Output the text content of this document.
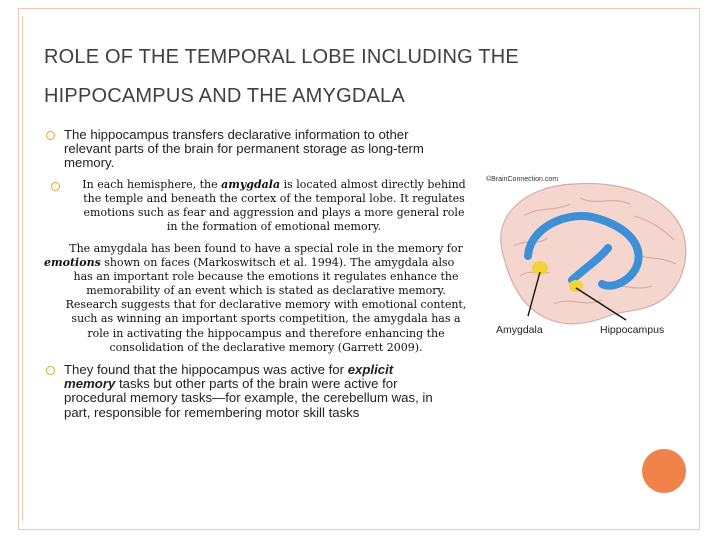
ROLE OF THE TEMPORAL LOBE INCLUDING THE
HIPPOCAMPUS AND THE AMYGDALA
The hippocampus transfers declarative information to other
relevant parts of the brain for permanent storage as long-term
memory.
In each hemisphere, the amygdala is located almost directly behind
the temple and beneath the cortex of the temporal lobe. It regulates
emotions such as fear and aggression and plays a more general role
in the formation of emotional memory.
The amygdala has been found to have a special role in the memory for
emotions shown on faces (Markoswitsch et al. 1994). The amygdala also
has an important role because the emotions it regulates enhance the
memorability of an event which is stated as declarative memory.
Research suggests that for declarative memory with emotional content,
such as winning an important sports competition, the amygdala has a
role in activating the hippocampus and therefore enhancing the
consolidation of the declarative memory (Garrett 2009).
They found that the hippocampus was active for explicit
memory tasks but other parts of the brain were active for
procedural memory tasks—for example, the cerebellum was, in
part, responsible for remembering motor skill tasks
©BrainConnection.com
Amygdala	Hippocampus
